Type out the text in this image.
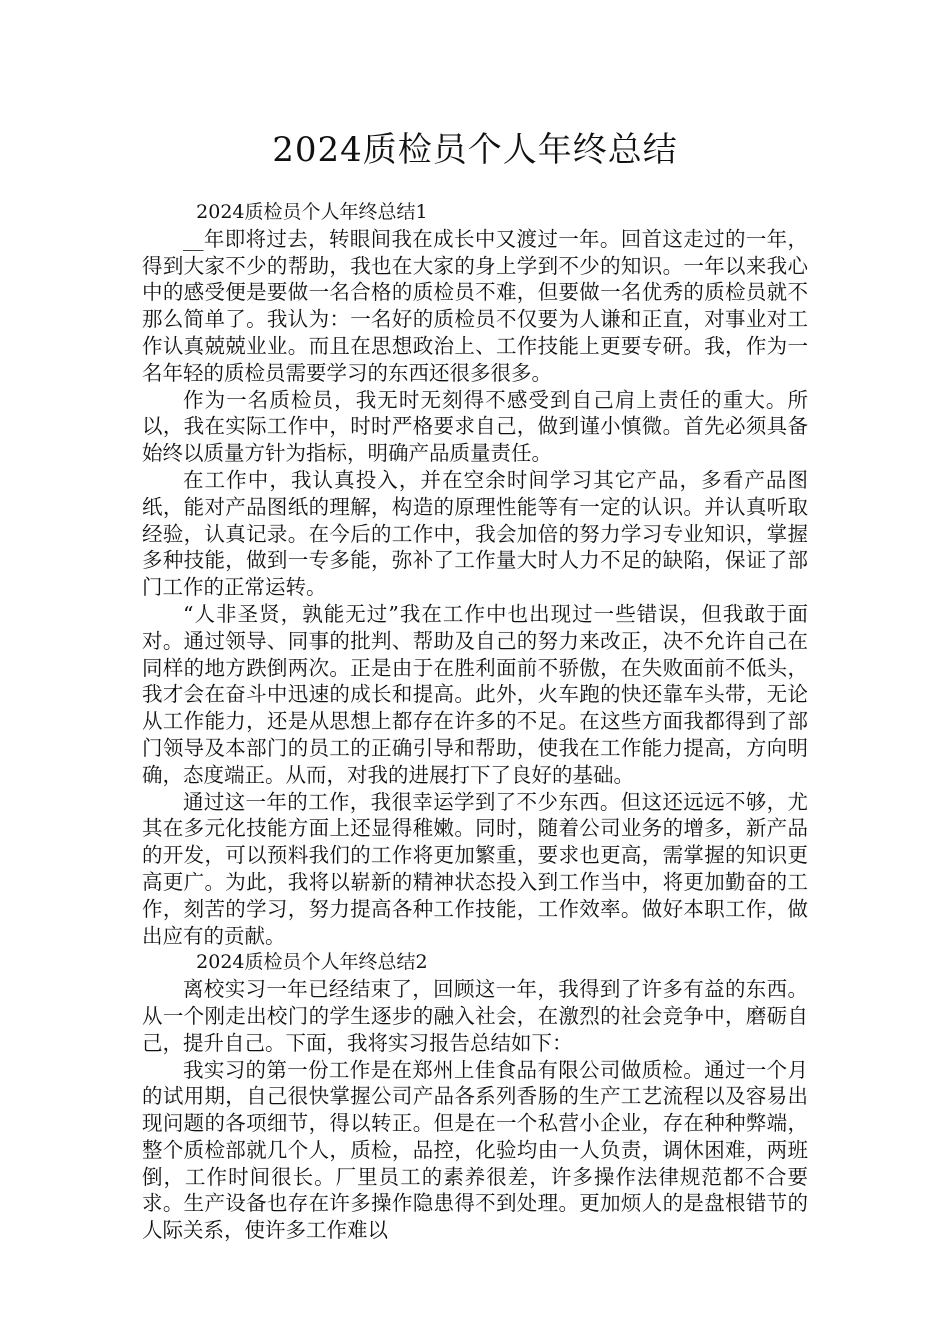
2024质检员个人年终总结

2024质检员个人年终总结1

__年即将过去，转眼间我在成长中又渡过一年。回首这走过的一年，得到大家不少的帮助，我也在大家的身上学到不少的知识。一年以来我心中的感受便是要做一名合格的质检员不难，但要做一名优秀的质检员就不那么简单了。我认为：一名好的质检员不仅要为人谦和正直，对事业对工作认真兢兢业业。而且在思想政治上、工作技能上更要专研。我，作为一名年轻的质检员需要学习的东西还很多很多。

作为一名质检员，我无时无刻得不感受到自己肩上责任的重大。所以，我在实际工作中，时时严格要求自己，做到谨小慎微。首先必须具备始终以质量方针为指标，明确产品质量责任。

在工作中，我认真投入，并在空余时间学习其它产品，多看产品图纸，能对产品图纸的理解，构造的原理性能等有一定的认识。并认真听取经验，认真记录。在今后的工作中，我会加倍的努力学习专业知识，掌握多种技能，做到一专多能，弥补了工作量大时人力不足的缺陷，保证了部门工作的正常运转。

“人非圣贤，孰能无过”我在工作中也出现过一些错误，但我敢于面对。通过领导、同事的批判、帮助及自己的努力来改正，决不允许自己在同样的地方跌倒两次。正是由于在胜利面前不骄傲，在失败面前不低头，我才会在奋斗中迅速的成长和提高。此外，火车跑的快还靠车头带，无论从工作能力，还是从思想上都存在许多的不足。在这些方面我都得到了部门领导及本部门的员工的正确引导和帮助，使我在工作能力提高，方向明确，态度端正。从而，对我的进展打下了良好的基础。

通过这一年的工作，我很幸运学到了不少东西。但这还远远不够，尤其在多元化技能方面上还显得稚嫩。同时，随着公司业务的增多，新产品的开发，可以预料我们的工作将更加繁重，要求也更高，需掌握的知识更高更广。为此，我将以崭新的精神状态投入到工作当中，将更加勤奋的工作，刻苦的学习，努力提高各种工作技能，工作效率。做好本职工作，做出应有的贡献。

2024质检员个人年终总结2

离校实习一年已经结束了，回顾这一年，我得到了许多有益的东西。从一个刚走出校门的学生逐步的融入社会，在激烈的社会竞争中，磨砺自己，提升自己。下面，我将实习报告总结如下：

我实习的第一份工作是在郑州上佳食品有限公司做质检。通过一个月的试用期，自己很快掌握公司产品各系列香肠的生产工艺流程以及容易出现问题的各项细节，得以转正。但是在一个私营小企业，存在种种弊端，整个质检部就几个人，质检，品控，化验均由一人负责，调休困难，两班倒，工作时间很长。厂里员工的素养很差，许多操作法律规范都不合要求。生产设备也存在许多操作隐患得不到处理。更加烦人的是盘根错节的人际关系，使许多工作难以
